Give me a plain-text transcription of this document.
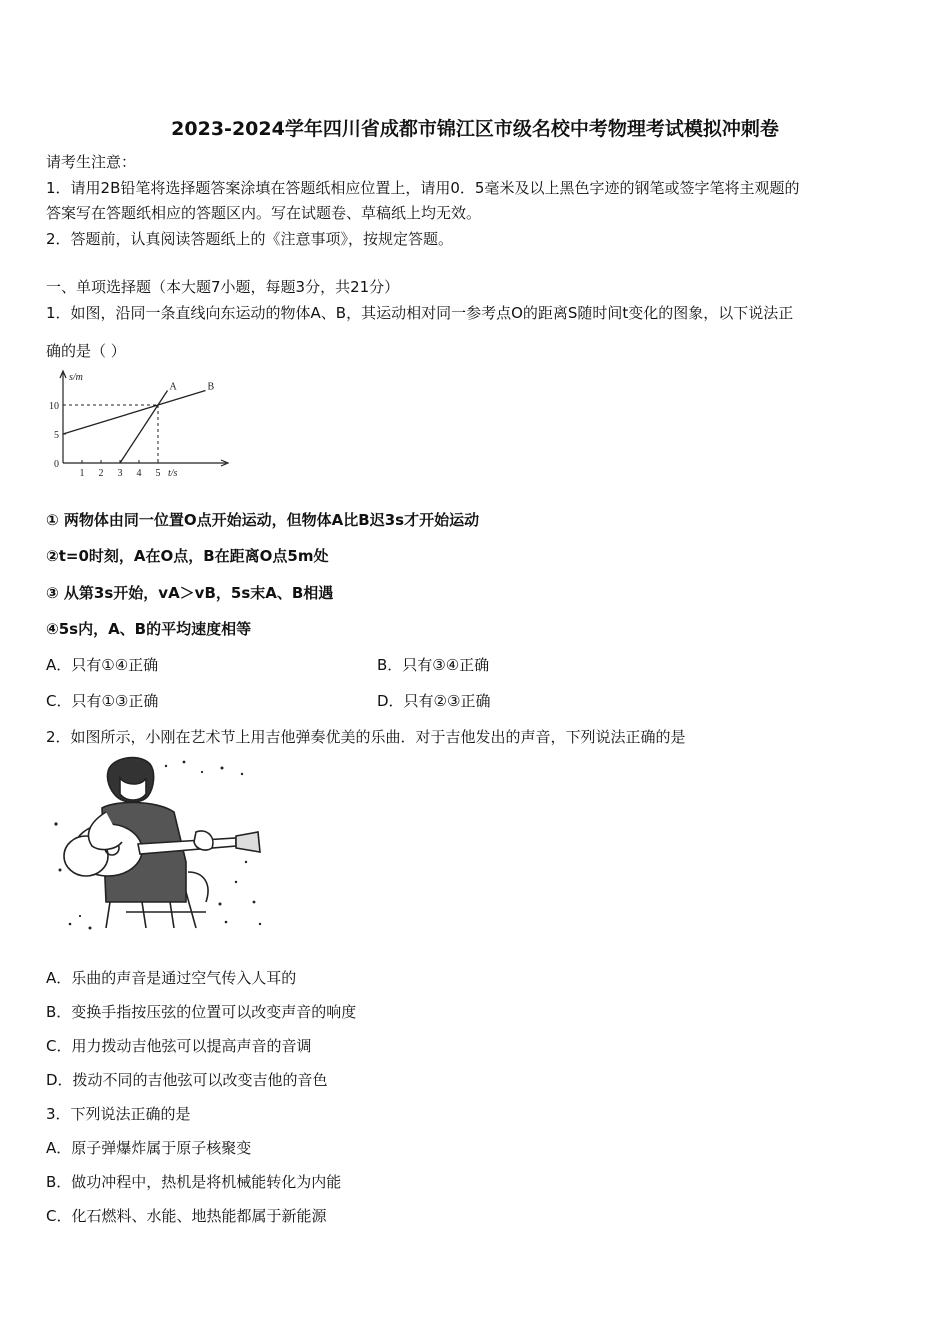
2023-2024学年四川省成都市锦江区市级名校中考物理考试模拟冲刺卷
请考生注意：
1．请用2B铅笔将选择题答案涂填在答题纸相应位置上，请用0．5毫米及以上黑色字迹的钢笔或签字笔将主观题的
答案写在答题纸相应的答题区内。写在试题卷、草稿纸上均无效。
2．答题前，认真阅读答题纸上的《注意事项》，按规定答题。
一、单项选择题（本大题7小题，每题3分，共21分）
1．如图，沿同一条直线向东运动的物体A、B，其运动相对同一参考点O的距离S随时间t变化的图象，以下说法正
确的是（ ）
1 2 3 4 5
5
10
0
s/m
t/s
A	B
① 两物体由同一位置O点开始运动，但物体A比B迟3s才开始运动
②t=0时刻，A在O点，B在距离O点5m处
③ 从第3s开始，vA＞vB，5s末A、B相遇
④5s内，A、B的平均速度相等
A．只有①④正确	B．只有③④正确
C．只有①③正确	D．只有②③正确
2．如图所示，小刚在艺术节上用吉他弹奏优美的乐曲．对于吉他发出的声音，下列说法正确的是
A．乐曲的声音是通过空气传入人耳的
B．变换手指按压弦的位置可以改变声音的响度
C．用力拨动吉他弦可以提高声音的音调
D．拨动不同的吉他弦可以改变吉他的音色
3．下列说法正确的是
A．原子弹爆炸属于原子核聚变
B．做功冲程中，热机是将机械能转化为内能
C．化石燃料、水能、地热能都属于新能源
